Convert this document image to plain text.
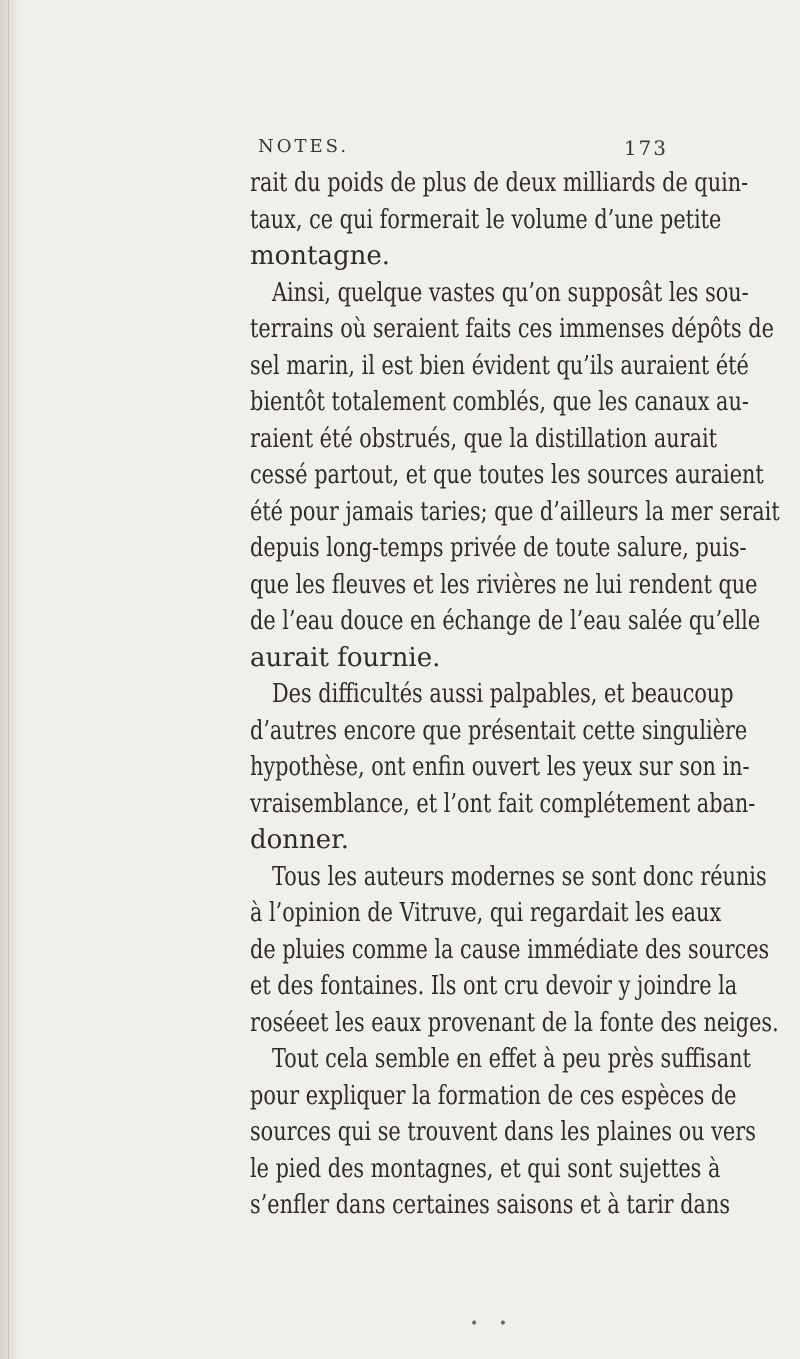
NOTES.	173
rait du poids de plus de deux milliards de quin-
taux, ce qui formerait le volume d’une petite
montagne.
Ainsi, quelque vastes qu’on supposât les sou-
terrains où seraient faits ces immenses dépôts de
sel marin, il est bien évident qu’ils auraient été
bientôt totalement comblés, que les canaux au-
raient été obstrués, que la distillation aurait
cessé partout, et que toutes les sources auraient
été pour jamais taries; que d’ailleurs la mer serait
depuis long-temps privée de toute salure, puis-
que les fleuves et les rivières ne lui rendent que
de l’eau douce en échange de l’eau salée qu’elle
aurait fournie.
Des difficultés aussi palpables, et beaucoup
d’autres encore que présentait cette singulière
hypothèse, ont enfin ouvert les yeux sur son in-
vraisemblance, et l’ont fait complétement aban-
donner.
Tous les auteurs modernes se sont donc réunis
à l’opinion de Vitruve, qui regardait les eaux
de pluies comme la cause immédiate des sources
et des fontaines. Ils ont cru devoir y joindre la
roséeet les eaux provenant de la fonte des neiges.
Tout cela semble en effet à peu près suffisant
pour expliquer la formation de ces espèces de
sources qui se trouvent dans les plaines ou vers
le pied des montagnes, et qui sont sujettes à
s’enfler dans certaines saisons et à tarir dans
• •
